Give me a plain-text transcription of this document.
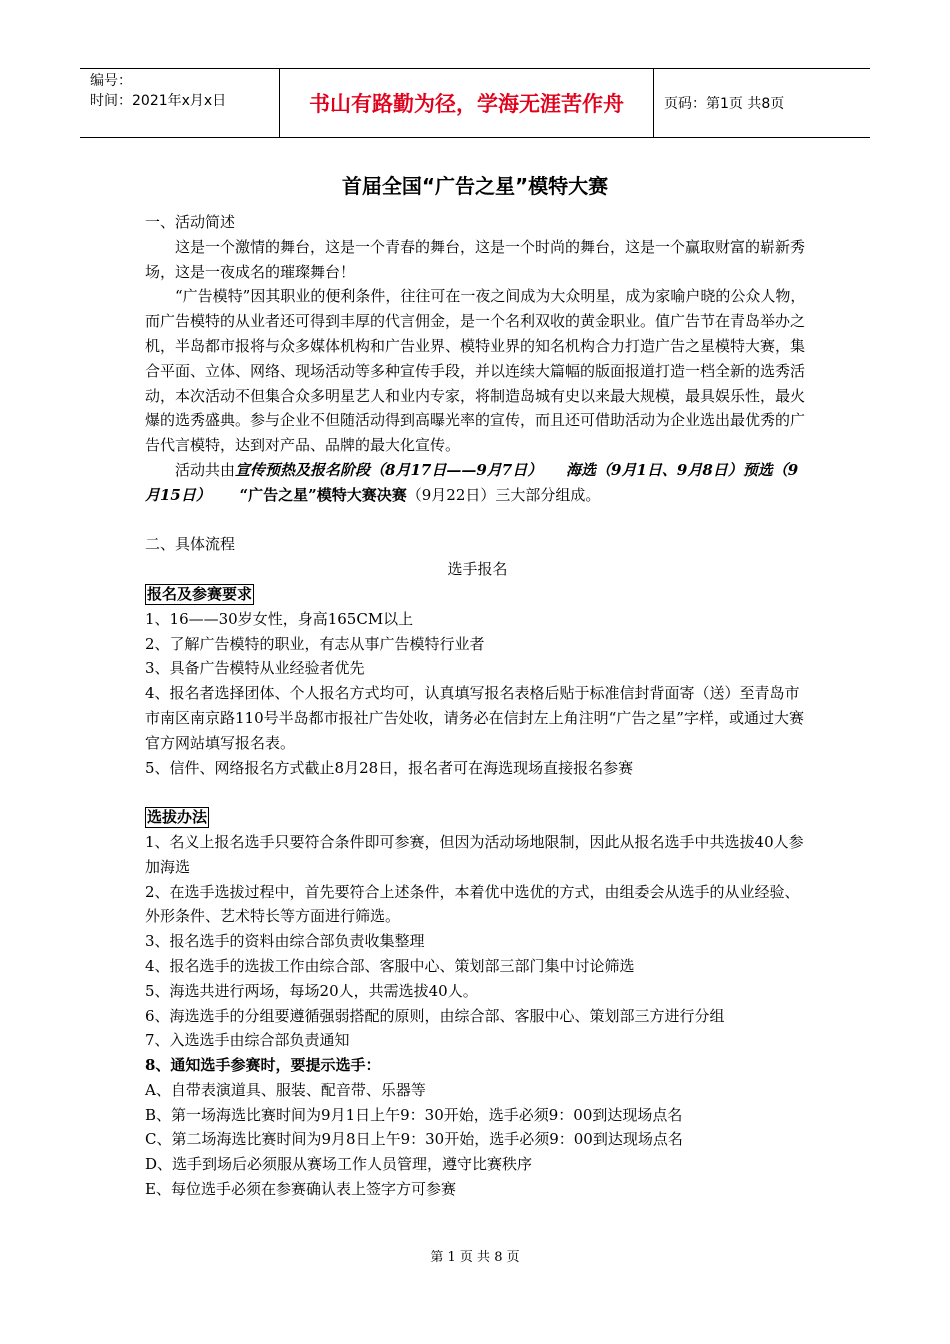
编号：
时间：2021年x月x日	书山有路勤为径，学海无涯苦作舟	页码：第1页 共8页
首届全国“广告之星”模特大赛

一、活动简述

这是一个激情的舞台，这是一个青春的舞台，这是一个时尚的舞台，这是一个赢取财富的崭新秀场，这是一夜成名的璀璨舞台！

“广告模特”因其职业的便利条件，往往可在一夜之间成为大众明星，成为家喻户晓的公众人物，而广告模特的从业者还可得到丰厚的代言佣金，是一个名利双收的黄金职业。值广告节在青岛举办之机，半岛都市报将与众多媒体机构和广告业界、模特业界的知名机构合力打造广告之星模特大赛，集合平面、立体、网络、现场活动等多种宣传手段，并以连续大篇幅的版面报道打造一档全新的选秀活动，本次活动不但集合众多明星艺人和业内专家，将制造岛城有史以来最大规模，最具娱乐性，最火爆的选秀盛典。参与企业不但随活动得到高曝光率的宣传，而且还可借助活动为企业选出最优秀的广告代言模特，达到对产品、品牌的最大化宣传。

活动共由宣传预热及报名阶段（8月17日——9月7日） 海选（9月1日、9月8日）预选（9月15日） “广告之星”模特大赛决赛（9月22日）三大部分组成。

二、具体流程

选手报名

报名及参赛要求

1、16——30岁女性，身高165CM以上

2、了解广告模特的职业，有志从事广告模特行业者

3、具备广告模特从业经验者优先

4、报名者选择团体、个人报名方式均可，认真填写报名表格后贴于标准信封背面寄（送）至青岛市市南区南京路110号半岛都市报社广告处收，请务必在信封左上角注明“广告之星”字样，或通过大赛官方网站填写报名表。

5、信件、网络报名方式截止8月28日，报名者可在海选现场直接报名参赛

选拔办法

1、名义上报名选手只要符合条件即可参赛，但因为活动场地限制，因此从报名选手中共选拔40人参加海选

2、在选手选拔过程中，首先要符合上述条件，本着优中选优的方式，由组委会从选手的从业经验、外形条件、艺术特长等方面进行筛选。

3、报名选手的资料由综合部负责收集整理

4、报名选手的选拔工作由综合部、客服中心、策划部三部门集中讨论筛选

5、海选共进行两场，每场20人，共需选拔40人。

6、海选选手的分组要遵循强弱搭配的原则，由综合部、客服中心、策划部三方进行分组

7、入选选手由综合部负责通知

8、通知选手参赛时，要提示选手：

A、自带表演道具、服装、配音带、乐器等

B、第一场海选比赛时间为9月1日上午9：30开始，选手必须9：00到达现场点名

C、第二场海选比赛时间为9月8日上午9：30开始，选手必须9：00到达现场点名

D、选手到场后必须服从赛场工作人员管理，遵守比赛秩序

E、每位选手必须在参赛确认表上签字方可参赛

第 1 页 共 8 页
